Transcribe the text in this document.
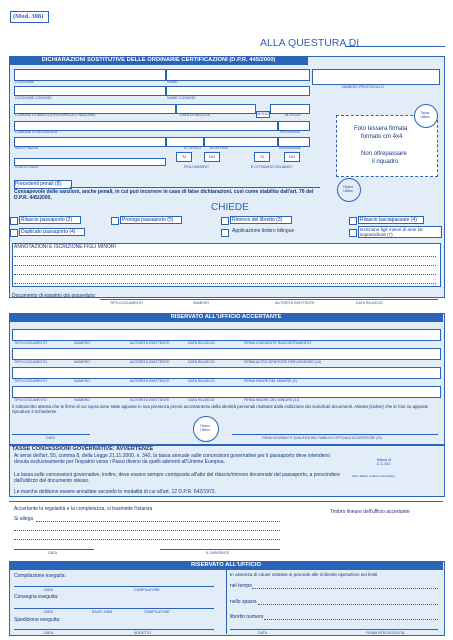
(Mod. 308)
ALLA QUESTURA DI
DICHIARAZIONI SOSTITUTIVE DELLE ORDINARIE CERTIFICAZIONI (D.P.R. 445/2000)
COGNOME	NOME
NUMERO PROTOCOLLO
COGNOME CONIUGE	NOME CONIUGE
COMUNE DI NASCITA (PROVINCIA O NAZIONE)	DATA DI NASCITA	SESSO	ALTEZZA
COMUNE DI RESIDENZA	PROVINCIA
VIA O PIAZZA	N. CIVICO TELEFONO	PROFESSIONE
SI	NO	SI	NO
STATO CIVILE	FIGLI MINORI?	È CITTADINO ITALIANO?
Tassa Ufficio
Foto tessera firmata
formato cm 4x4
Non oltrepassare
il riquadro
Precedenti penali (8)
Consapevole delle sanzioni, anche penali, in cui può incorrere in caso di false dichiarazioni, così come stabilito dall'art. 76 del D.P.R. 445/2000,
Timbro Ufficio
CHIEDE
Rilascio passaporto (2)	Proroga passaporto (5)	Rinnovo del libretto (3)	Rilascio lasciapassare (4)
Duplicato passaporto (4)	Applicazione timbro bilingue	Iscrizione figli minori di anni 16 sopraindicati (7)
ANNOTAZIONI E ISCRIZIONE FIGLI MINORI
Documento di espatrio già posseduto:
TIPO DOCUMENTO	NUMERO	AUTORITÀ EMITTENTE	DATA RILASCIO
RISERVATO ALL'UFFICIO ACCERTANTE
TIPO DOCUMENTO	NUMERO	AUTORITÀ EMITTENTE	DATA RILASCIO	FIRMA CHIEDENTE RIACCERTAMENTO
TIPO DOCUMENTO	NUMERO	AUTORITÀ EMITTENTE	DATA RILASCIO	FIRMA ALTRO GENITORE PER ASSENSO (10)
TIPO DOCUMENTO	NUMERO	AUTORITÀ EMITTENTE	DATA RILASCIO	FIRMA PADRE DEL MINORE (4)
TIPO DOCUMENTO	NUMERO	AUTORITÀ EMITTENTE	DATA RILASCIO	FIRMA MADRE DEL MINORE (11)
Il sottoscritto attesta che le firme di cui sopra sono state apposte in sua presenza previo accertamento della identità personali risultanti dalla esibizione dei suindicati documenti. Attesta (inoltre) che le foto su apposte riproduce il richiedente.
Timbro Ufficio
DATA	FIRMA LEGGIBILE E QUALIFICA DEL PUBBLICO UFFICIALE ACCERTATORE (10)
TASSE CONCESSIONI GOVERNATIVE: AVVERTENZE
Ai sensi dell'art. 55, comma 8, della Legge 21.11.2000, n. 342, la tassa annuale sulle concessioni governative per il passaporto deve intendersi dovuta esclusivamente per l'espatrio verso i Paesi diversi da quelli aderenti all'Unione Europea.
La tassa sulle concessioni governative, inoltre, deve essere sempre corrisposta all'atto del rilascio/rinnovo decennale del passaporto, a prescindere dall'utilizzo del documento stesso.
Le marche debbono essere annullate secondo le modalità di cui all'art. 12 D.P.R. 642/1972.
Marca di C.C.GG.
(Da il Marco a liberto facentrale)
Accertante la regolarità e la completezza, si trasmette l'istanza
Si allega
Timbro lineare dell'ufficio accertante
DATA	IL DIRIGENTE
RISERVATO ALL'UFFICIO
Compilazione eseguita:
DATA	COMPILATORE
Consegna eseguita:
DATA	RILEV. NUM.	COMPILATORE
Spedizione eseguita:
DATA	ADDETTO
In assenza di cause ostative si procede alle richieste operazioni nei limiti
nel tempo
nello spazio
libretto numero
DATA	FIRMA PER RICEVUTA
